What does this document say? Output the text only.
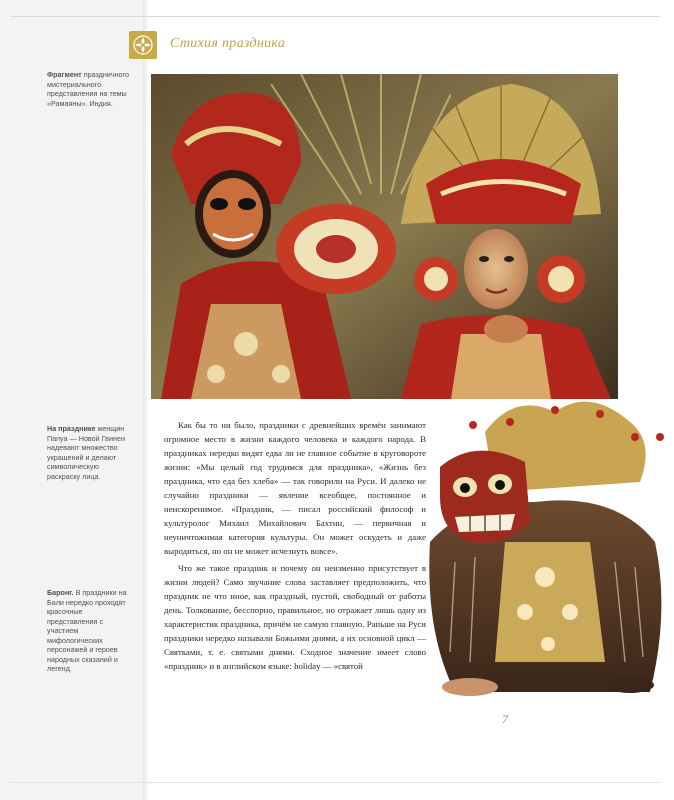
Стихия праздника
Фрагмент праздничного мистериального представления на темы «Рамаяны». Индия.
На празднике женщин Папуа — Новой Гвинеи надевают множество украшений и делают символическую раскраску лица.
Баронг. В праздники на Бали нередко проходят красочные представления с участием мифологических персонажей и героев народных сказаний и легенд.

Как бы то ни было, праздники с древнейших времён занимают огромное место в жизни каждого человека и каждого народа. В праздниках нередко видят едва ли не главное событие в круговороте жизни: «Мы целый год трудимся для праздника», «Жизнь без праздника, что еда без хлеба» — так говорили на Руси. И далеко не случайно праздники — явление всеобщее, постоянное и неискоренимое. «Праздник, — писал российский философ и культуролог Михаил Михайлович Бахтин, — первичная и неуничтожимая категория культуры. Он может оскудеть и даже выродиться, но он не может исчезнуть вовсе».

Что же такое праздник и почему он неизменно присутствует в жизни людей? Само звучание слова заставляет предположить, что праздник не что иное, как праздный, пустой, свободный от работы день. Толкование, бесспорно, правильное, но отражает лишь одну из характеристик праздника, причём не самую главную. Раньше на Руси праздники нередко называли Божьими днями, а их основной цикл — Святками, т. е. святыми днями. Сходное значение имеет слово «праздник» и в английском языке: holiday — «святой

7
